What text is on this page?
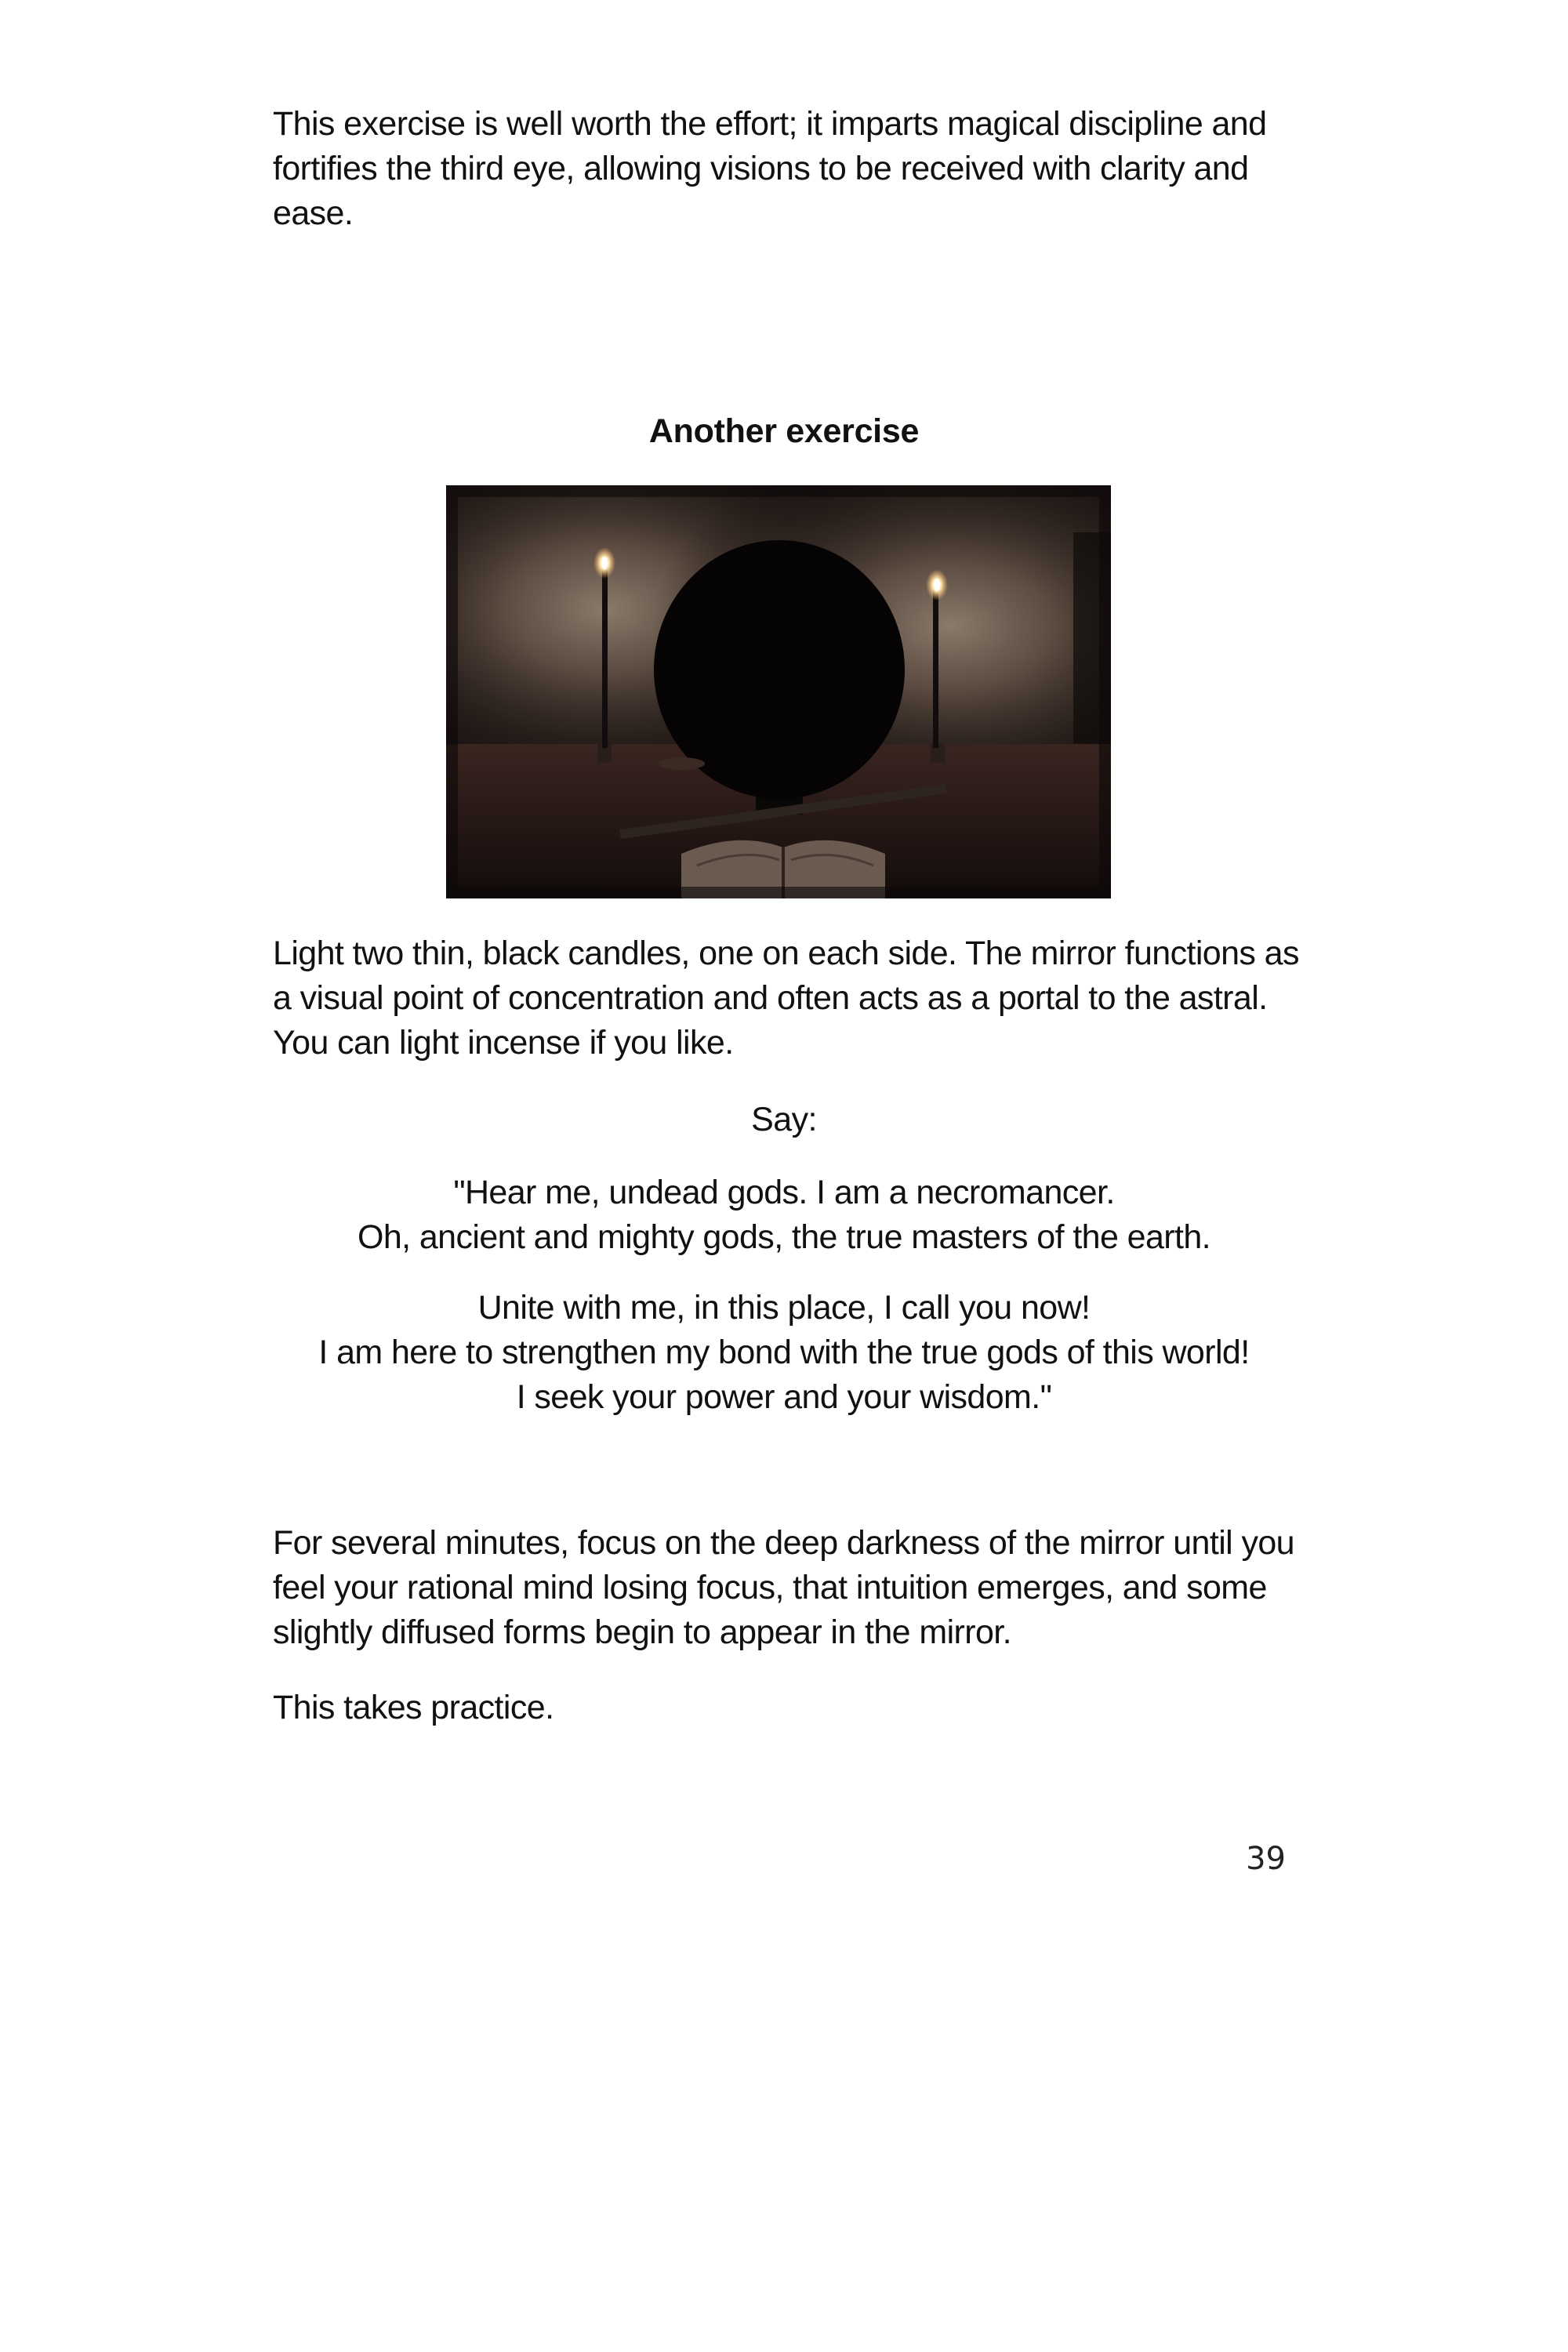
This exercise is well worth the effort; it imparts magical discipline and fortifies the third eye, allowing visions to be received with clarity and ease.

Another exercise

Light two thin, black candles, one on each side. The mirror functions as a visual point of concentration and often acts as a portal to the astral. You can light incense if you like.

Say:

"Hear me, undead gods. I am a necromancer.

Oh, ancient and mighty gods, the true masters of the earth.

Unite with me, in this place, I call you now!

I am here to strengthen my bond with the true gods of this world!

I seek your power and your wisdom."

For several minutes, focus on the deep darkness of the mirror until you feel your rational mind losing focus, that intuition emerges, and some slightly diffused forms begin to appear in the mirror.

This takes practice.

39
